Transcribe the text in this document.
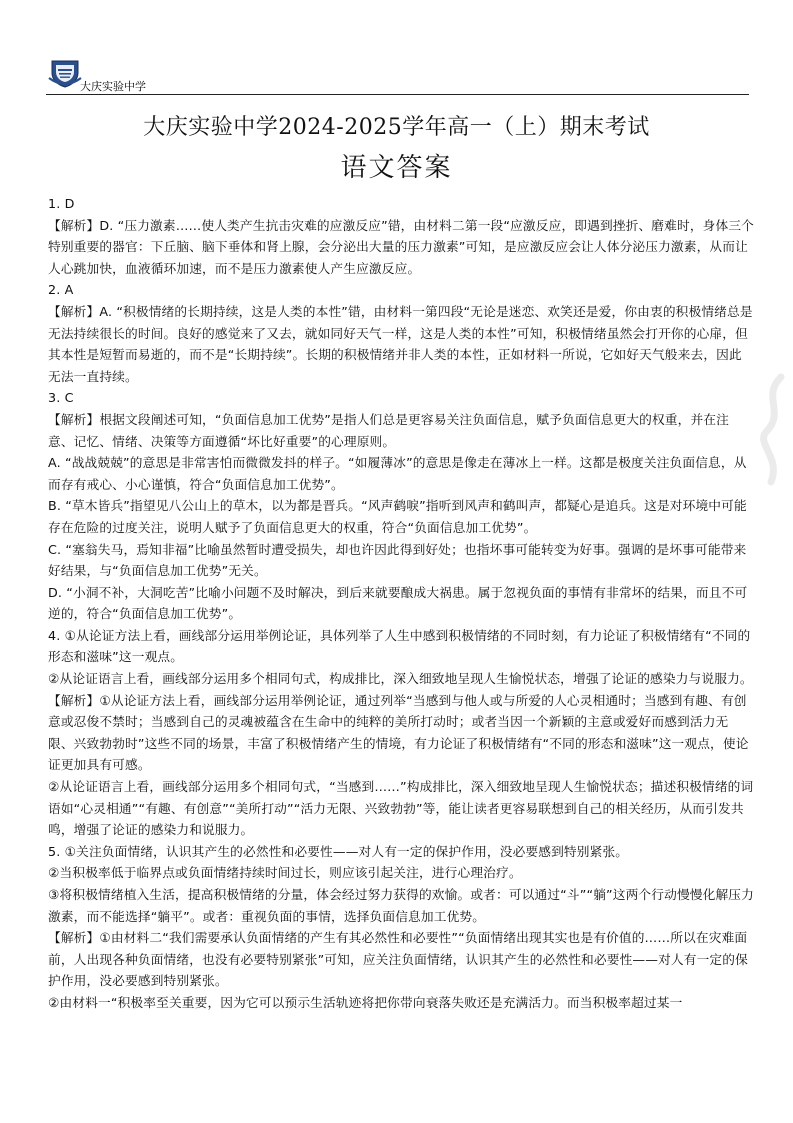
大庆实验中学
大庆实验中学2024-2025学年高一（上）期末考试
语文答案

1. D

【解析】D. “压力激素……使人类产生抗击灾难的应激反应”错，由材料二第一段“应激反应，即遇到挫折、磨难时，身体三个特别重要的器官：下丘脑、脑下垂体和肾上腺，会分泌出大量的压力激素”可知，是应激反应会让人体分泌压力激素，从而让人心跳加快，血液循环加速，而不是压力激素使人产生应激反应。

2. A

【解析】A. “积极情绪的长期持续，这是人类的本性”错，由材料一第四段“无论是迷恋、欢笑还是爱，你由衷的积极情绪总是无法持续很长的时间。良好的感觉来了又去，就如同好天气一样，这是人类的本性”可知，积极情绪虽然会打开你的心扉，但其本性是短暂而易逝的，而不是“长期持续”。长期的积极情绪并非人类的本性，正如材料一所说，它如好天气般来去，因此无法一直持续。

3. C

【解析】根据文段阐述可知，“负面信息加工优势”是指人们总是更容易关注负面信息，赋予负面信息更大的权重，并在注意、记忆、情绪、决策等方面遵循“坏比好重要”的心理原则。

A. “战战兢兢”的意思是非常害怕而微微发抖的样子。“如履薄冰”的意思是像走在薄冰上一样。这都是极度关注负面信息，从而存有戒心、小心谨慎，符合“负面信息加工优势”。

B. “草木皆兵”指望见八公山上的草木，以为都是晋兵。“风声鹤唳”指听到风声和鹤叫声，都疑心是追兵。这是对环境中可能存在危险的过度关注，说明人赋予了负面信息更大的权重，符合“负面信息加工优势”。

C. “塞翁失马，焉知非福”比喻虽然暂时遭受损失，却也许因此得到好处；也指坏事可能转变为好事。强调的是坏事可能带来好结果，与“负面信息加工优势”无关。

D. “小洞不补，大洞吃苦”比喻小问题不及时解决，到后来就要酿成大祸患。属于忽视负面的事情有非常坏的结果，而且不可逆的，符合“负面信息加工优势”。

4. ①从论证方法上看，画线部分运用举例论证，具体列举了人生中感到积极情绪的不同时刻，有力论证了积极情绪有“不同的形态和滋味”这一观点。

②从论证语言上看，画线部分运用多个相同句式，构成排比，深入细致地呈现人生愉悦状态，增强了论证的感染力与说服力。

【解析】①从论证方法上看，画线部分运用举例论证，通过列举“当感到与他人或与所爱的人心灵相通时；当感到有趣、有创意或忍俊不禁时；当感到自己的灵魂被蕴含在生命中的纯粹的美所打动时；或者当因一个新颖的主意或爱好而感到活力无限、兴致勃勃时”这些不同的场景，丰富了积极情绪产生的情境，有力论证了积极情绪有“不同的形态和滋味”这一观点，使论证更加具有可感。

②从论证语言上看，画线部分运用多个相同句式，“当感到……”构成排比，深入细致地呈现人生愉悦状态；描述积极情绪的词语如“心灵相通”“有趣、有创意”“美所打动”“活力无限、兴致勃勃”等，能让读者更容易联想到自己的相关经历，从而引发共鸣，增强了论证的感染力和说服力。

5. ①关注负面情绪，认识其产生的必然性和必要性——对人有一定的保护作用，没必要感到特别紧张。

②当积极率低于临界点或负面情绪持续时间过长，则应该引起关注，进行心理治疗。

③将积极情绪植入生活，提高积极情绪的分量，体会经过努力获得的欢愉。或者：可以通过“斗”“躺”这两个行动慢慢化解压力激素，而不能选择“躺平”。或者：重视负面的事情，选择负面信息加工优势。

【解析】①由材料二“我们需要承认负面情绪的产生有其必然性和必要性”“负面情绪出现其实也是有价值的……所以在灾难面前，人出现各种负面情绪，也没有必要特别紧张”可知，应关注负面情绪，认识其产生的必然性和必要性——对人有一定的保护作用，没必要感到特别紧张。

②由材料一“积极率至关重要，因为它可以预示生活轨迹将把你带向衰落失败还是充满活力。而当积极率超过某一
